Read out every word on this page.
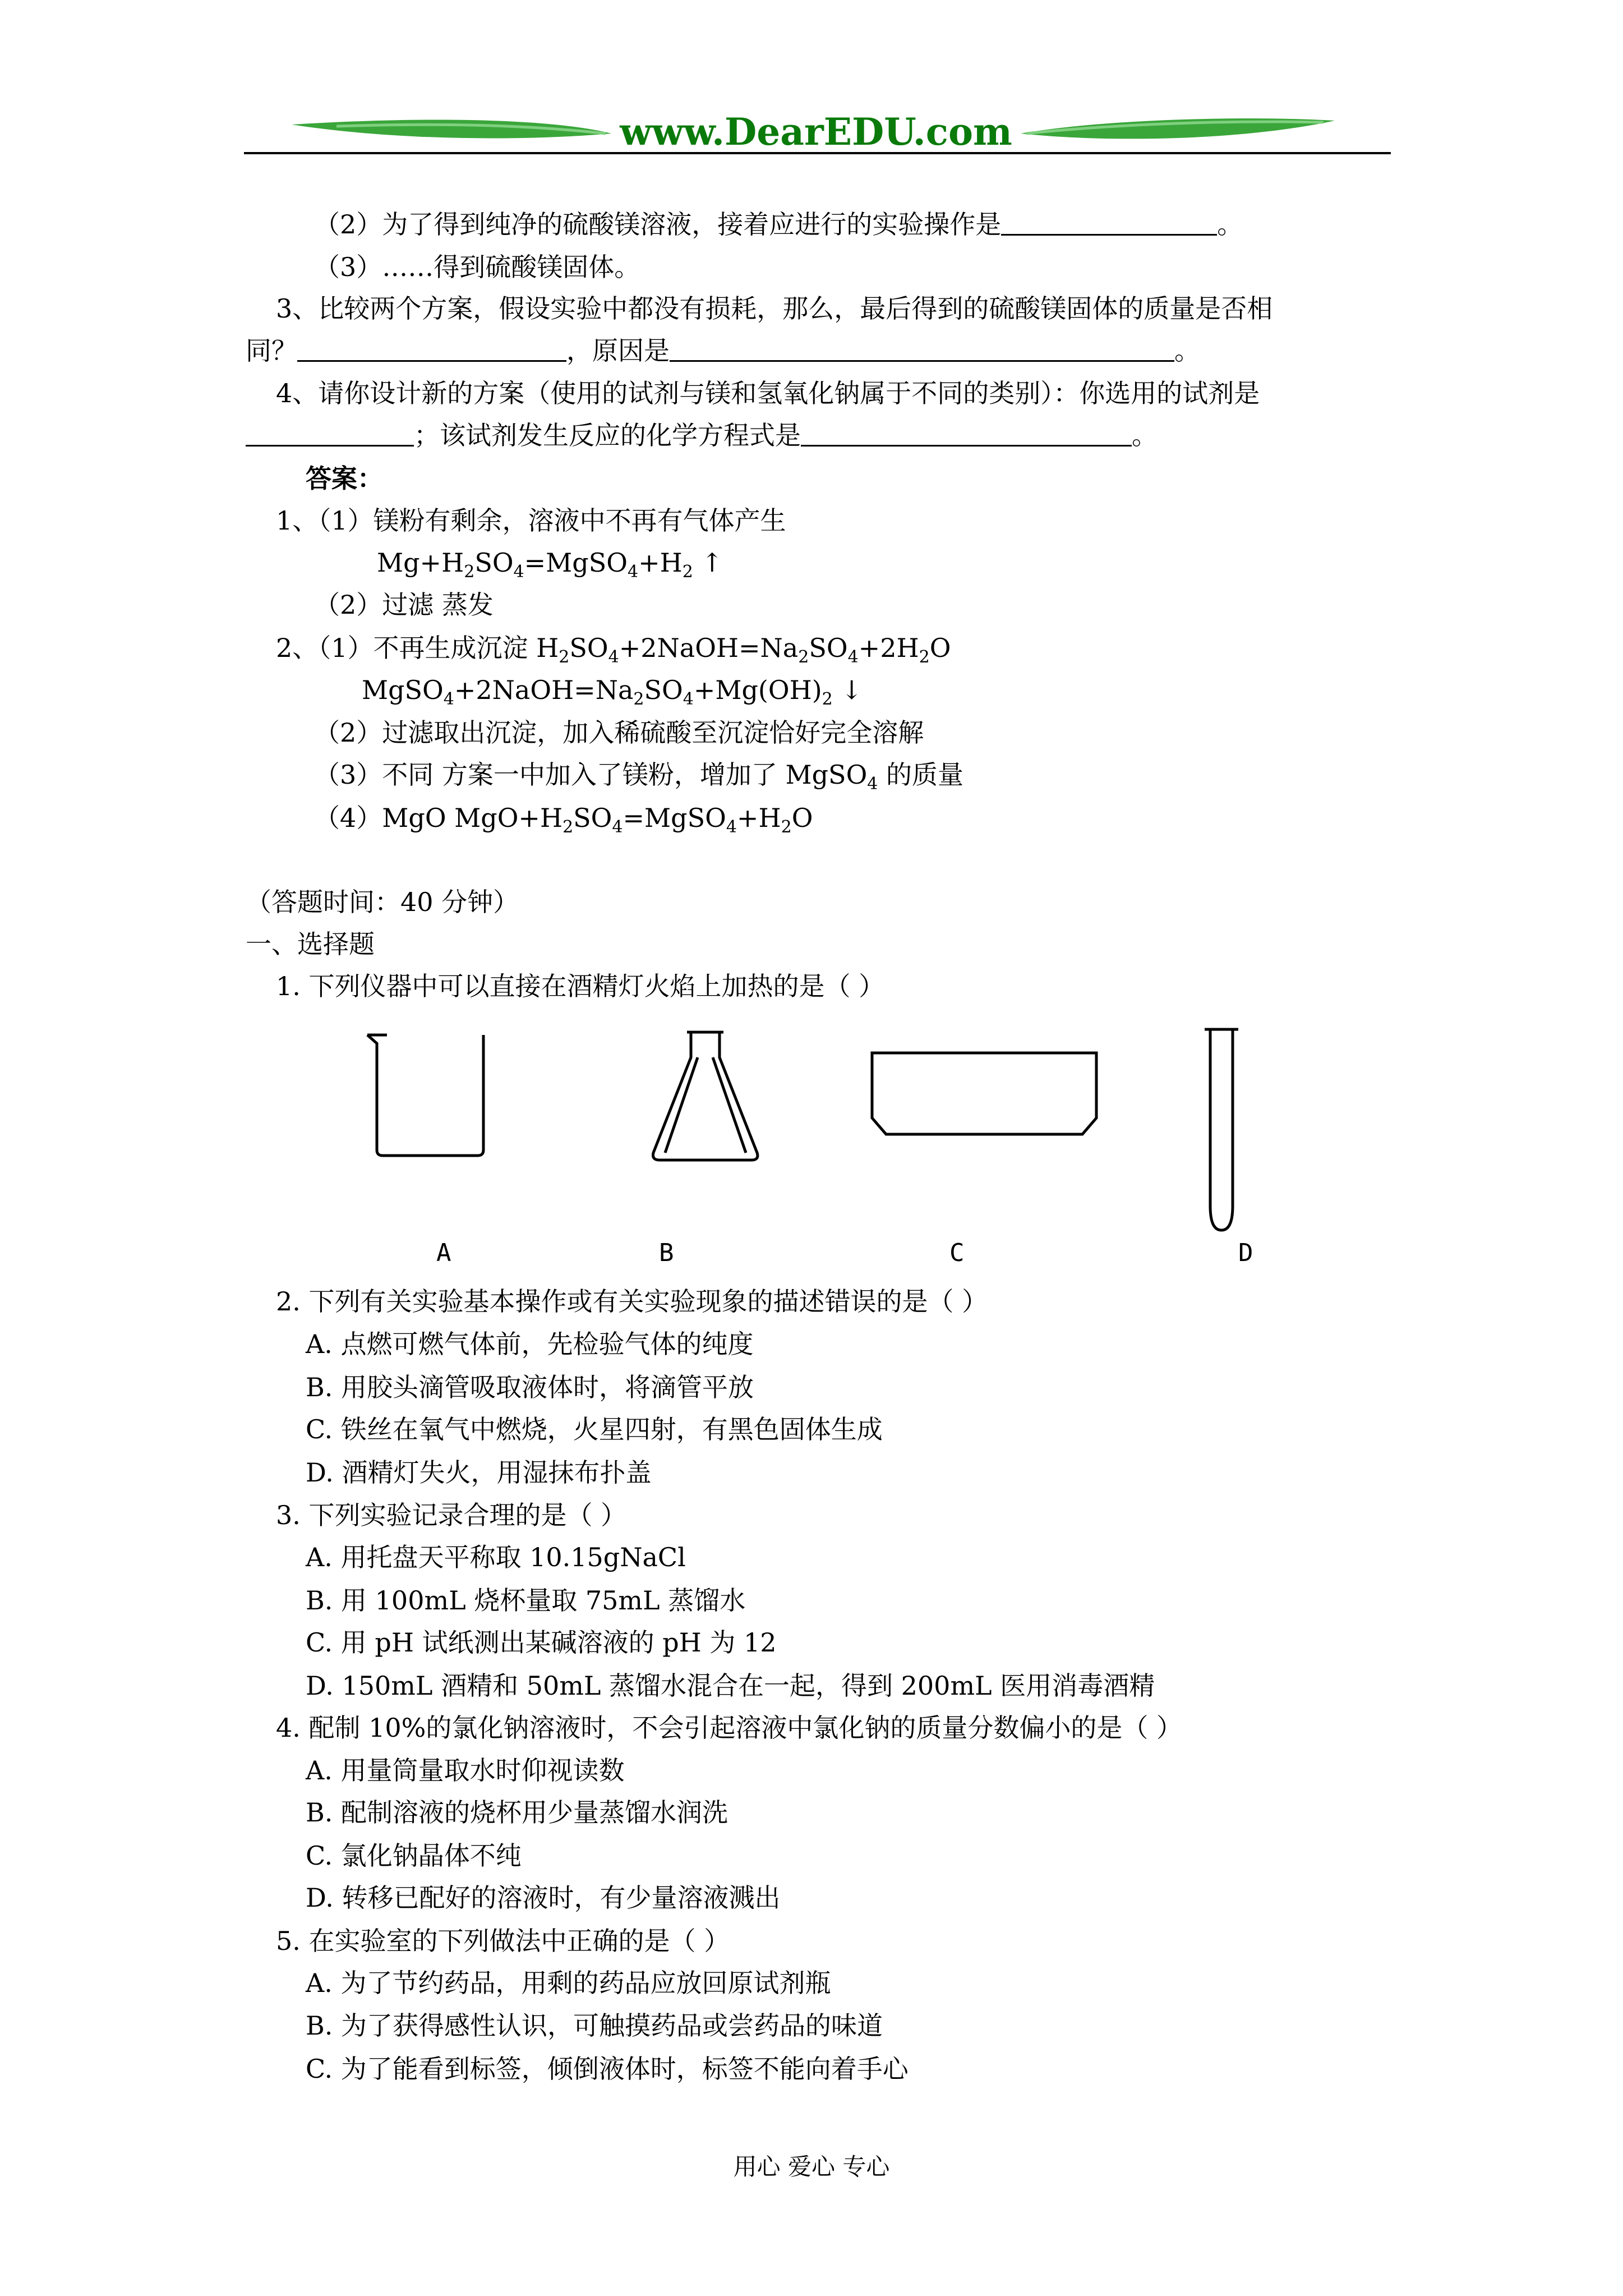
www.DearEDU.com
（2）为了得到纯净的硫酸镁溶液，接着应进行的实验操作是	。
（3）……得到硫酸镁固体。
3、比较两个方案，假设实验中都没有损耗，那么，最后得到的硫酸镁固体的质量是否相
同？	，原因是	。
4、请你设计新的方案（使用的试剂与镁和氢氧化钠属于不同的类别）：你选用的试剂是
；该试剂发生反应的化学方程式是	。
答案：
1、（1）镁粉有剩余，溶液中不再有气体产生
$Mg+H_2SO_4=MgSO_4+H_2$ ↑
（2）过滤 蒸发
2、（1）不再生成沉淀 $H_2SO_4+2NaOH=Na_2SO_4+2H_2O$
$MgSO_4+2NaOH=Na_2SO_4+Mg(OH)_2$ ↓
（2）过滤取出沉淀，加入稀硫酸至沉淀恰好完全溶解
（3）不同 方案一中加入了镁粉，增加了 MgSO$_4$ 的质量
（4）MgO $MgO+H_2SO_4=MgSO_4+H_2O$
（答题时间：40 分钟）
一、选择题
1. 下列仪器中可以直接在酒精灯火焰上加热的是（ ）
A	B	C	D
2. 下列有关实验基本操作或有关实验现象的描述错误的是（ ）
A. 点燃可燃气体前，先检验气体的纯度
B. 用胶头滴管吸取液体时，将滴管平放
C. 铁丝在氧气中燃烧，火星四射，有黑色固体生成
D. 酒精灯失火，用湿抹布扑盖
3. 下列实验记录合理的是（ ）
A. 用托盘天平称取 10.15gNaCl
B. 用 100mL 烧杯量取 75mL 蒸馏水
C. 用 pH 试纸测出某碱溶液的 pH 为 12
D. 150mL 酒精和 50mL 蒸馏水混合在一起，得到 200mL 医用消毒酒精
4. 配制 10%的氯化钠溶液时，不会引起溶液中氯化钠的质量分数偏小的是（ ）
A. 用量筒量取水时仰视读数
B. 配制溶液的烧杯用少量蒸馏水润洗
C. 氯化钠晶体不纯
D. 转移已配好的溶液时，有少量溶液溅出
5. 在实验室的下列做法中正确的是（ ）
A. 为了节约药品，用剩的药品应放回原试剂瓶
B. 为了获得感性认识，可触摸药品或尝药品的味道
C. 为了能看到标签，倾倒液体时，标签不能向着手心
用心 爱心 专心
